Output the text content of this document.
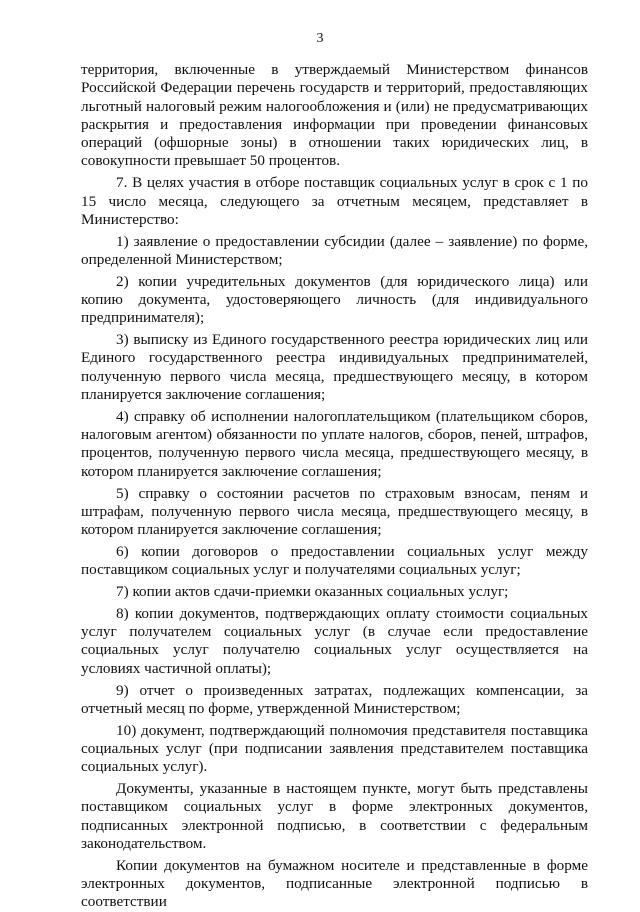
3

территория, включенные в утверждаемый Министерством финансов Российской Федерации перечень государств и территорий, предоставляющих льготный налоговый режим налогообложения и (или) не предусматривающих раскрытия и предоставления информации при проведении финансовых операций (офшорные зоны) в отношении таких юридических лиц, в совокупности превышает 50 процентов.

7. В целях участия в отборе поставщик социальных услуг в срок с 1 по 15 число месяца, следующего за отчетным месяцем, представляет в Министерство:

1) заявление о предоставлении субсидии (далее – заявление) по форме, определенной Министерством;

2) копии учредительных документов (для юридического лица) или копию документа, удостоверяющего личность (для индивидуального предпринимателя);

3) выписку из Единого государственного реестра юридических лиц или Единого государственного реестра индивидуальных предпринимателей, полученную первого числа месяца, предшествующего месяцу, в котором планируется заключение соглашения;

4) справку об исполнении налогоплательщиком (плательщиком сборов, налоговым агентом) обязанности по уплате налогов, сборов, пеней, штрафов, процентов, полученную первого числа месяца, предшествующего месяцу, в котором планируется заключение соглашения;

5) справку о состоянии расчетов по страховым взносам, пеням и штрафам, полученную первого числа месяца, предшествующего месяцу, в котором планируется заключение соглашения;

6) копии договоров о предоставлении социальных услуг между поставщиком социальных услуг и получателями социальных услуг;

7) копии актов сдачи-приемки оказанных социальных услуг;

8) копии документов, подтверждающих оплату стоимости социальных услуг получателем социальных услуг (в случае если предоставление социальных услуг получателю социальных услуг осуществляется на условиях частичной оплаты);

9) отчет о произведенных затратах, подлежащих компенсации, за отчетный месяц по форме, утвержденной Министерством;

10) документ, подтверждающий полномочия представителя поставщика социальных услуг (при подписании заявления представителем поставщика социальных услуг).

Документы, указанные в настоящем пункте, могут быть представлены поставщиком социальных услуг в форме электронных документов, подписанных электронной подписью, в соответствии с федеральным законодательством.

Копии документов на бумажном носителе и представленные в форме электронных документов, подписанные электронной подписью в соответствии
